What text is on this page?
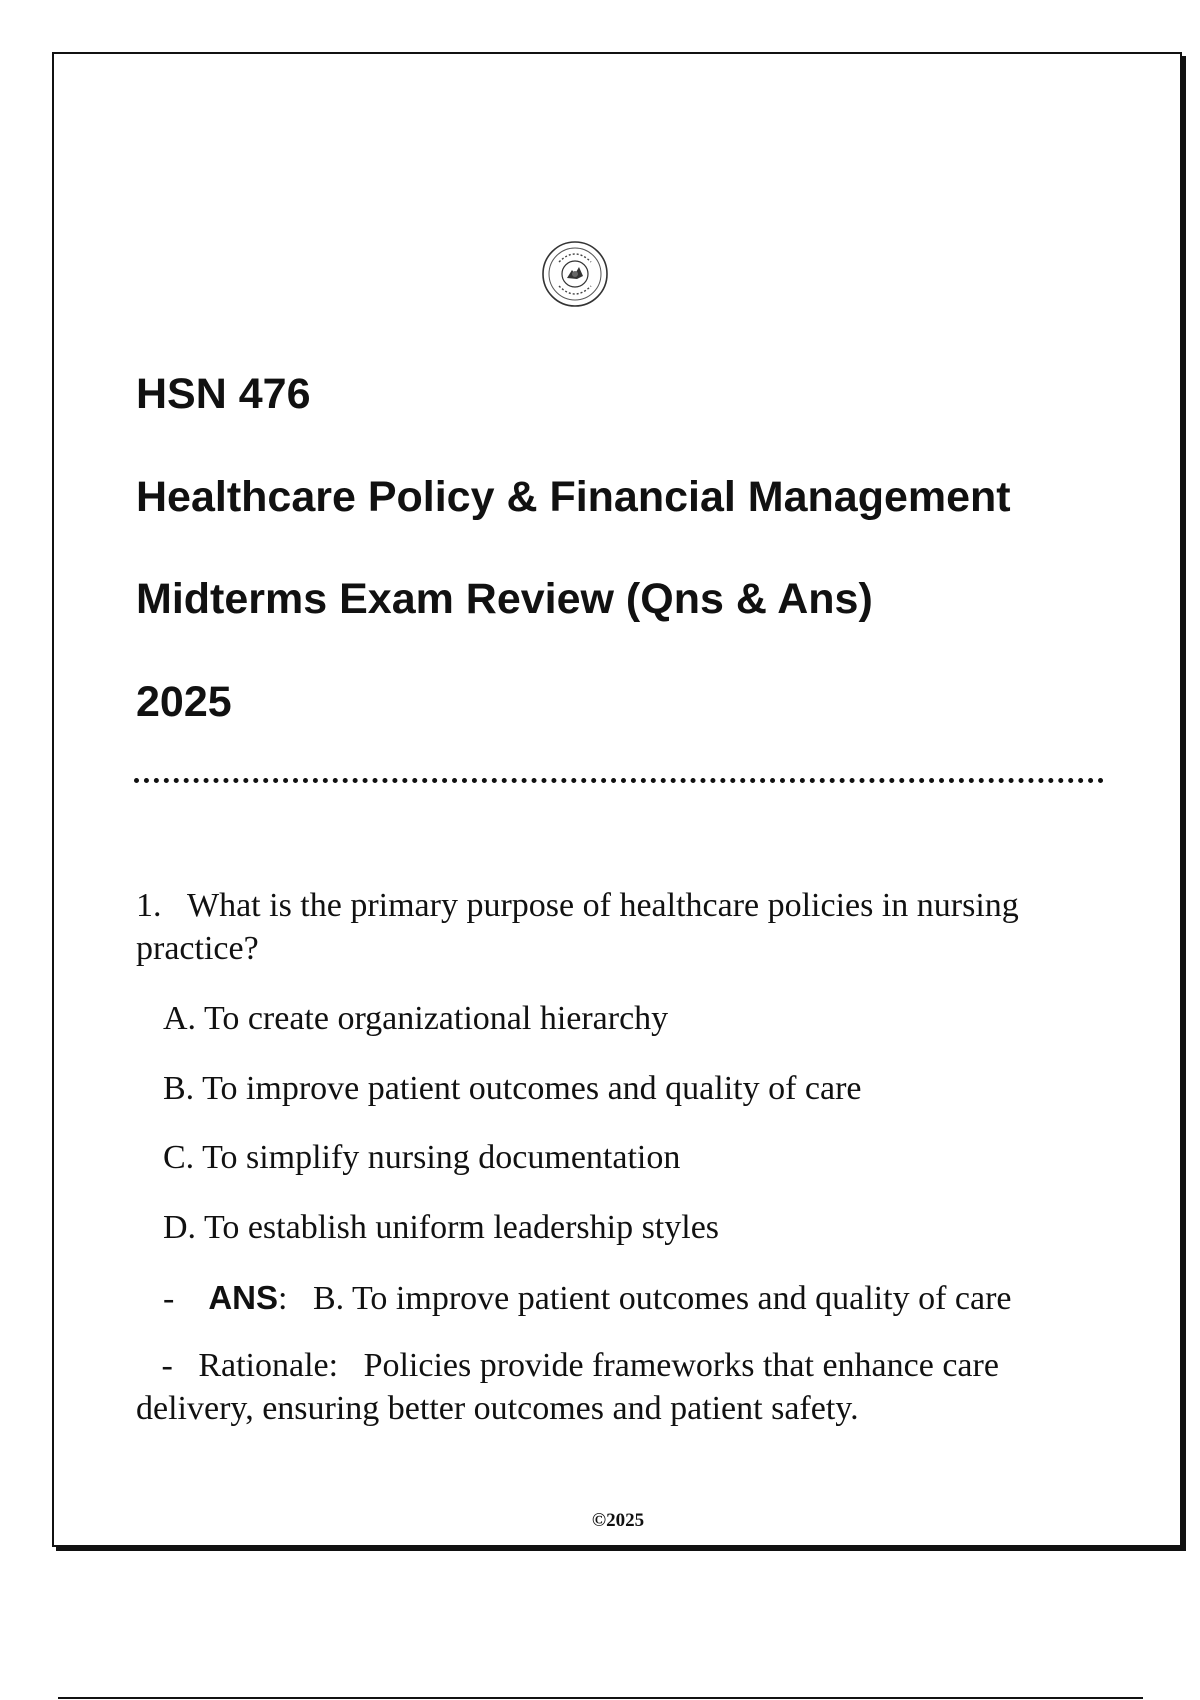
HSN 476
Healthcare Policy & Financial Management
Midterms Exam Review (Qns & Ans)
2025

1. What is the primary purpose of healthcare policies in nursing practice?

A. To create organizational hierarchy

B. To improve patient outcomes and quality of care

C. To simplify nursing documentation

D. To establish uniform leadership styles

- ANS:   B. To improve patient outcomes and quality of care

- Rationale: Policies provide frameworks that enhance care delivery, ensuring better outcomes and patient safety.

©2025
